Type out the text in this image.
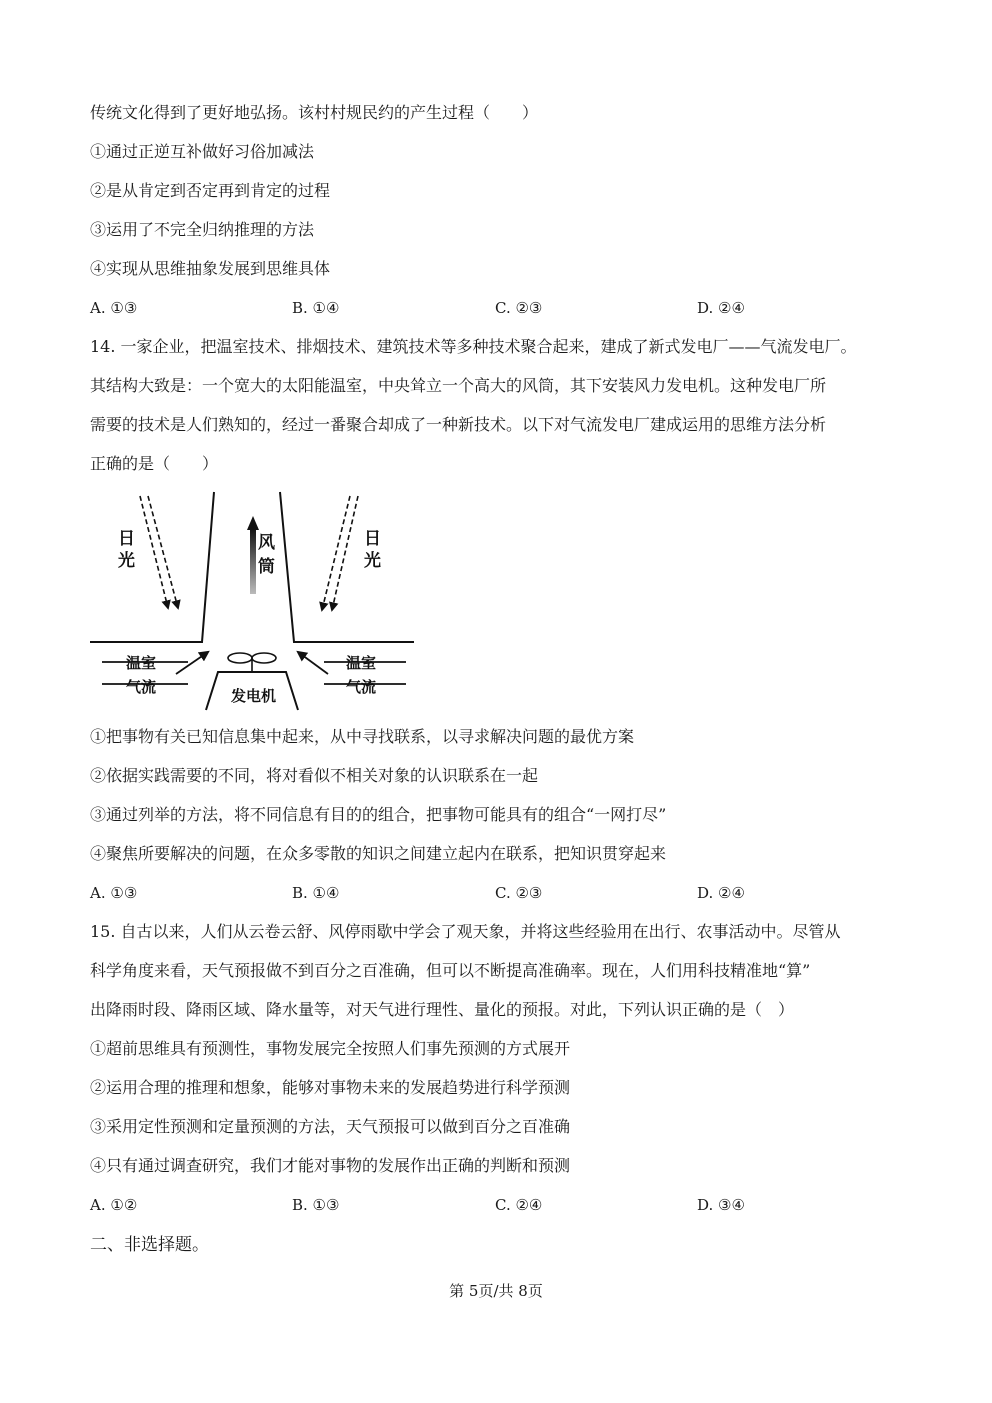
传统文化得到了更好地弘扬。该村村规民约的产生过程（　　）
①通过正逆互补做好习俗加减法
②是从肯定到否定再到肯定的过程
③运用了不完全归纳推理的方法
④实现从思维抽象发展到思维具体
A. ①③	B. ①④	C. ②③	D. ②④
14. 一家企业，把温室技术、排烟技术、建筑技术等多种技术聚合起来，建成了新式发电厂——气流发电厂。
其结构大致是：一个宽大的太阳能温室，中央耸立一个高大的风筒，其下安装风力发电机。这种发电厂所
需要的技术是人们熟知的，经过一番聚合却成了一种新技术。以下对气流发电厂建成运用的思维方法分析
正确的是（　　）
日
光
风
筒
日
光
温室
气流
温室
气流
发电机
①把事物有关已知信息集中起来，从中寻找联系，以寻求解决问题的最优方案
②依据实践需要的不同，将对看似不相关对象的认识联系在一起
③通过列举的方法，将不同信息有目的的组合，把事物可能具有的组合“一网打尽”
④聚焦所要解决的问题，在众多零散的知识之间建立起内在联系，把知识贯穿起来
A. ①③	B. ①④	C. ②③	D. ②④
15. 自古以来，人们从云卷云舒、风停雨歇中学会了观天象，并将这些经验用在出行、农事活动中。尽管从
科学角度来看，天气预报做不到百分之百准确，但可以不断提高准确率。现在，人们用科技精准地“算”
出降雨时段、降雨区域、降水量等，对天气进行理性、量化的预报。对此，下列认识正确的是（　）
①超前思维具有预测性，事物发展完全按照人们事先预测的方式展开
②运用合理的推理和想象，能够对事物未来的发展趋势进行科学预测
③采用定性预测和定量预测的方法，天气预报可以做到百分之百准确
④只有通过调查研究，我们才能对事物的发展作出正确的判断和预测
A. ①②	B. ①③	C. ②④	D. ③④
二、非选择题。
第 5页/共 8页
